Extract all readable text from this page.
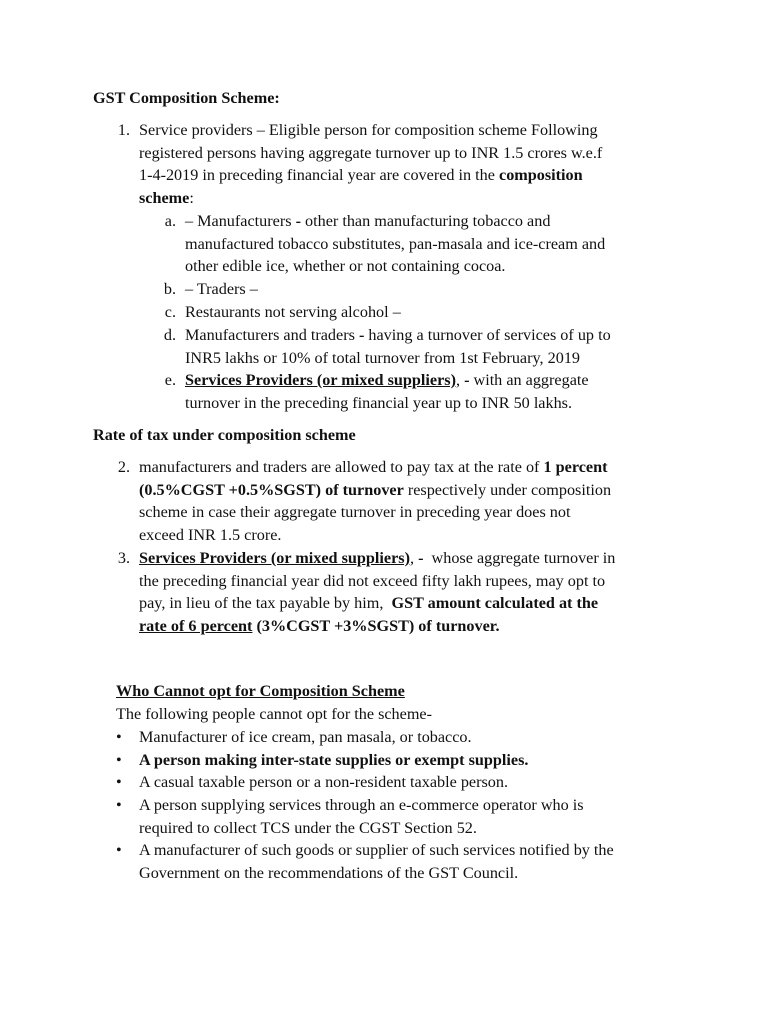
GST Composition Scheme:
1. Service providers – Eligible person for composition scheme Following

registered persons having aggregate turnover up to INR 1.5 crores w.e.f

1-4-2019 in preceding financial year are covered in the composition

scheme:

a. – Manufacturers - other than manufacturing tobacco and

manufactured tobacco substitutes, pan-masala and ice-cream and

other edible ice, whether or not containing cocoa.

b. – Traders –
c. Restaurants not serving alcohol –
d. Manufacturers and traders - having a turnover of services of up to

INR5 lakhs or 10% of total turnover from 1st February, 2019

e. Services Providers (or mixed suppliers), - with an aggregate

turnover in the preceding financial year up to INR 50 lakhs.

Rate of tax under composition scheme
2. manufacturers and traders are allowed to pay tax at the rate of 1 percent

(0.5%CGST +0.5%SGST) of turnover respectively under composition

scheme in case their aggregate turnover in preceding year does not

exceed INR 1.5 crore.

3. Services Providers (or mixed suppliers), -  whose aggregate turnover in

the preceding financial year did not exceed fifty lakh rupees, may opt to

pay, in lieu of the tax payable by him,  GST amount calculated at the

rate of 6 percent (3%CGST +3%SGST) of turnover.

Who Cannot opt for Composition Scheme
The following people cannot opt for the scheme-
• Manufacturer of ice cream, pan masala, or tobacco.
• A person making inter-state supplies or exempt supplies.
• A casual taxable person or a non-resident taxable person.
• A person supplying services through an e-commerce operator who is

required to collect TCS under the CGST Section 52.

• A manufacturer of such goods or supplier of such services notified by the

Government on the recommendations of the GST Council.
